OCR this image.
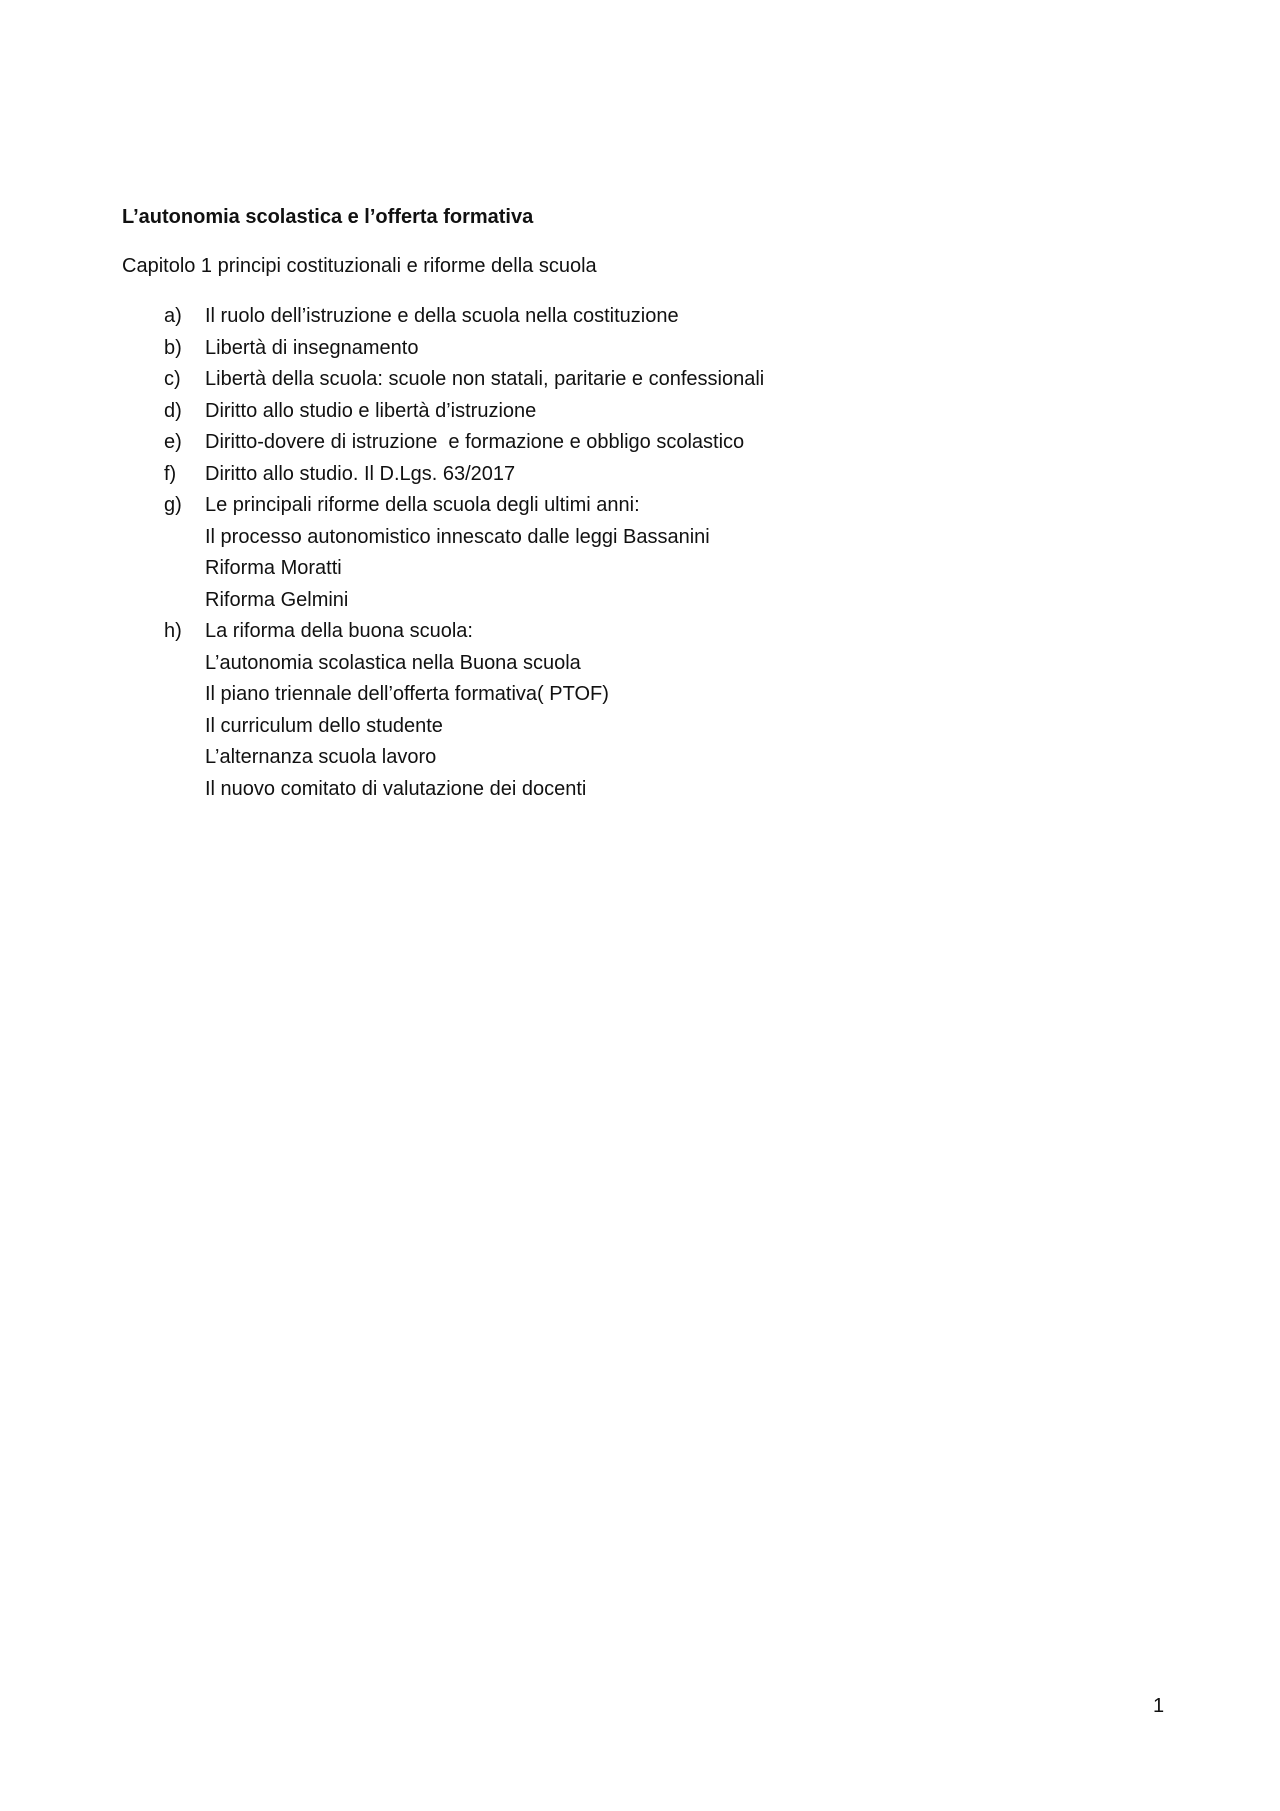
L’autonomia scolastica e l’offerta formativa
Capitolo 1 principi costituzionali e riforme della scuola
a)	Il ruolo dell’istruzione e della scuola nella costituzione
b)	Libertà di insegnamento
c)	Libertà della scuola: scuole non statali, paritarie e confessionali
d)	Diritto allo studio e libertà d’istruzione
e)	Diritto-dovere di istruzione  e formazione e obbligo scolastico
f)	Diritto allo studio. Il D.Lgs. 63/2017
g)	Le principali riforme della scuola degli ultimi anni:
Il processo autonomistico innescato dalle leggi Bassanini
Riforma Moratti
Riforma Gelmini
h)	La riforma della buona scuola:
L’autonomia scolastica nella Buona scuola
Il piano triennale dell’offerta formativa( PTOF)
Il curriculum dello studente
L’alternanza scuola lavoro
Il nuovo comitato di valutazione dei docenti
1
